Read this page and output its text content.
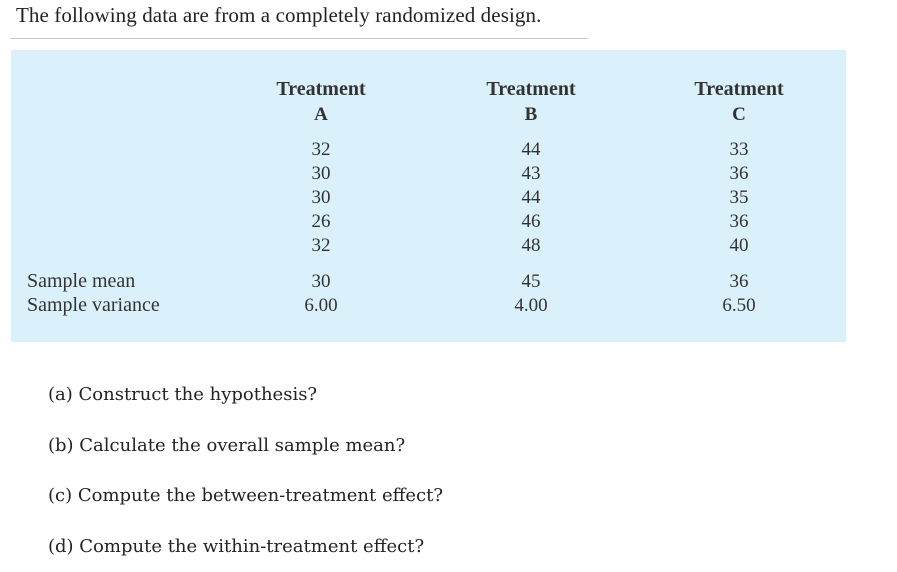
The following data are from a completely randomized design.
Treatment
A
32
30
30
26
32
30
6.00
Treatment
B
44
43
44
46
48
45
4.00
Treatment
C
33
36
35
36
40
36
6.50
Sample mean
Sample variance
(a) Construct the hypothesis?
(b) Calculate the overall sample mean?
(c) Compute the between-treatment effect?
(d) Compute the within-treatment effect?
